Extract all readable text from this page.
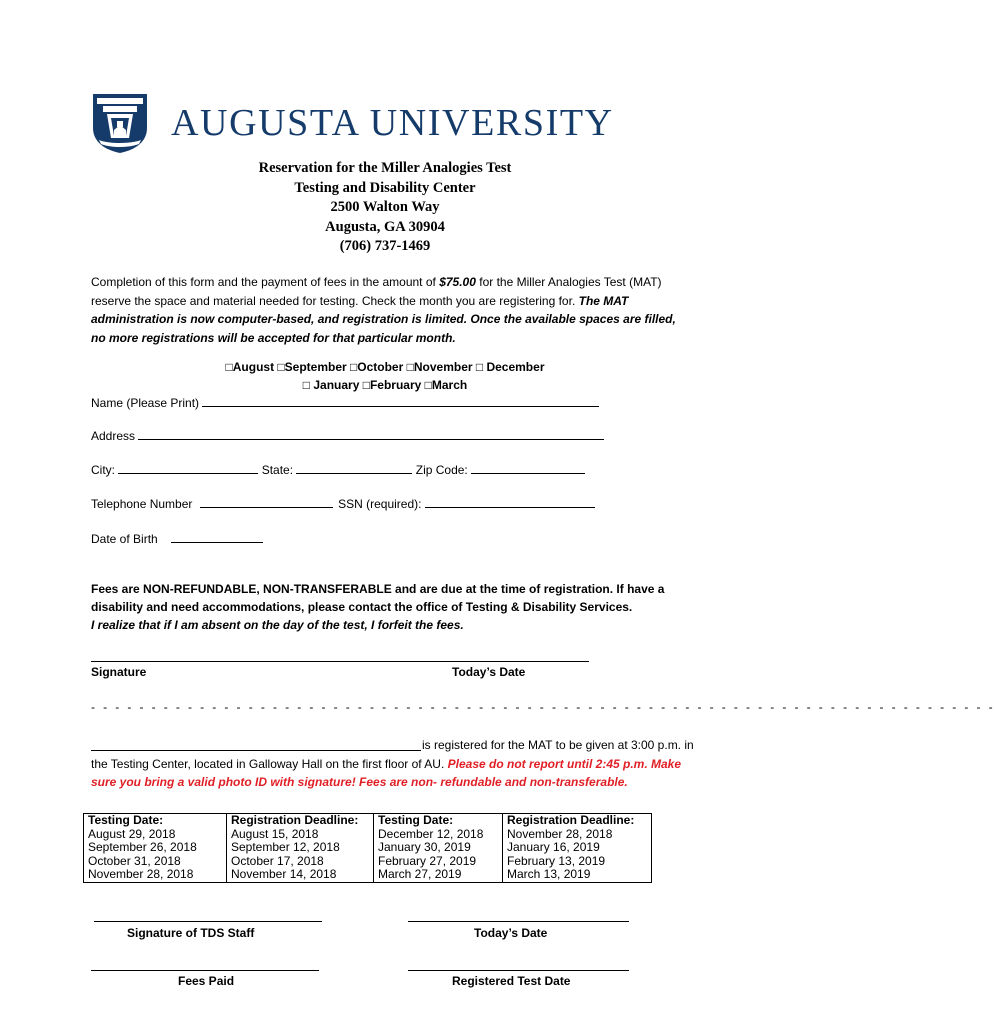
AUGUSTA UNIVERSITY
Reservation for the Miller Analogies Test
Testing and Disability Center
2500 Walton Way
Augusta, GA 30904
(706) 737-1469
Completion of this form and the payment of fees in the amount of $75.00 for the Miller Analogies Test (MAT) reserve the space and material needed for testing. Check the month you are registering for. The MAT administration is now computer-based, and registration is limited. Once the available spaces are filled, no more registrations will be accepted for that particular month.
□August □September □October □November □ December
□ January □February □March
Name (Please Print)
Address
City:	State:	Zip Code:
Telephone Number	SSN (required):
Date of Birth
Fees are NON-REFUNDABLE, NON-TRANSFERABLE and are due at the time of registration. If have a disability and need accommodations, please contact the office of Testing & Disability Services.
I realize that if I am absent on the day of the test, I forfeit the fees.
Signature	Today’s Date
- - - - - - - - - - - - - - - - - - - - - - - - - - - - - - - - - - - - - - - - - - - - - - - - - - - - - - - - - - - - - - - - - - - - - - - - - - -
is registered for the MAT to be given at 3:00 p.m. in the Testing Center, located in Galloway Hall on the first floor of AU. Please do not report until 2:45 p.m. Make sure you bring a valid photo ID with signature! Fees are non- refundable and non-transferable.
Testing Date:	Registration Deadline:	Testing Date:	Registration Deadline:
August 29, 2018	August 15, 2018	December 12, 2018	November 28, 2018
September 26, 2018	September 12, 2018	January 30, 2019	January 16, 2019
October 31, 2018	October 17, 2018	February 27, 2019	February 13, 2019
November 28, 2018	November 14, 2018	March 27, 2019	March 13, 2019
Signature of TDS Staff	Today’s Date
Fees Paid	Registered Test Date
